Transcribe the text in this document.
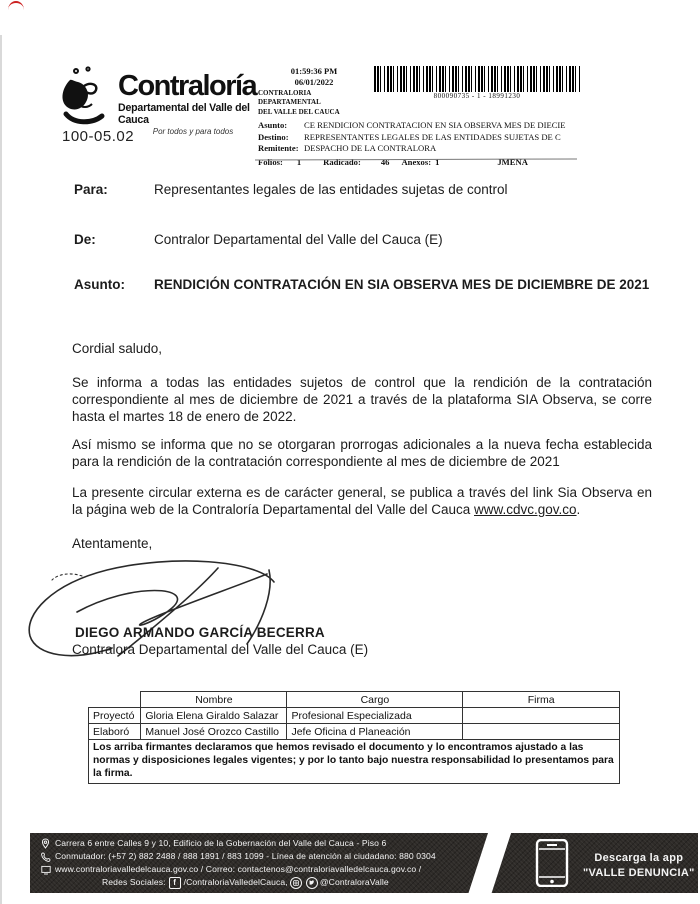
Contraloría
Departamental del Valle del Cauca
Por todos y para todos
100-05.02
01:59:36 PM
06/01/2022
CONTRALORIA DEPARTAMENTAL
DEL VALLE DEL CAUCA
800090735 - 1 - 18991230
Asunto:	CE RENDICION CONTRATACION EN SIA OBSERVA MES DE DIECIE
Destino:	REPRESENTANTES LEGALES DE LAS ENTIDADES SUJETAS DE C
Remitente: DESPACHO DE LA CONTRALORA
Folios: 1	Radicado: 46 Anexos: 1	JMENA
Para:	Representantes legales de las entidades sujetas de control
De:	Contralor Departamental del Valle del Cauca (E)
Asunto:	RENDICIÓN CONTRATACIÓN EN SIA OBSERVA MES DE DICIEMBRE DE 2021

Cordial saludo,

Se informa a todas las entidades sujetos de control que la rendición de la contratación correspondiente al mes de diciembre de 2021 a través de la plataforma SIA Observa, se corre hasta el martes 18 de enero de 2022.

Así mismo se informa que no se otorgaran prorrogas adicionales a la nueva fecha establecida para la rendición de la contratación correspondiente al mes de diciembre de 2021

La presente circular externa es de carácter general, se publica a través del link Sia Observa en la página web de la Contraloría Departamental del Valle del Cauca www.cdvc.gov.co.

Atentamente,

DIEGO ARMANDO GARCÍA BECERRA
Contralora Departamental del Valle del Cauca (E)
	Nombre	Cargo	Firma
Proyectó	Gloria Elena Giraldo Salazar	Profesional Especializada	
Elaboró	Manuel José Orozco Castillo	Jefe Oficina d Planeación	
Los arriba firmantes declaramos que hemos revisado el documento y lo encontramos ajustado a las normas y disposiciones legales vigentes; y por lo tanto bajo nuestra responsabilidad lo presentamos para la firma.			
Carrera 6 entre Calles 9 y 10, Edificio de la Gobernación del Valle del Cauca - Piso 6
Conmutador: (+57 2) 882 2488 / 888 1891 / 883 1099 - Línea de atención al ciudadano: 880 0304
www.contraloriavalledelcauca.gov.co / Correo: contactenos@contraloriavalledelcauca.gov.co /
Redes Sociales: f /ContraloriaValledelCauca,	@ContraloraValle
Descarga la app
"VALLE DENUNCIA"
